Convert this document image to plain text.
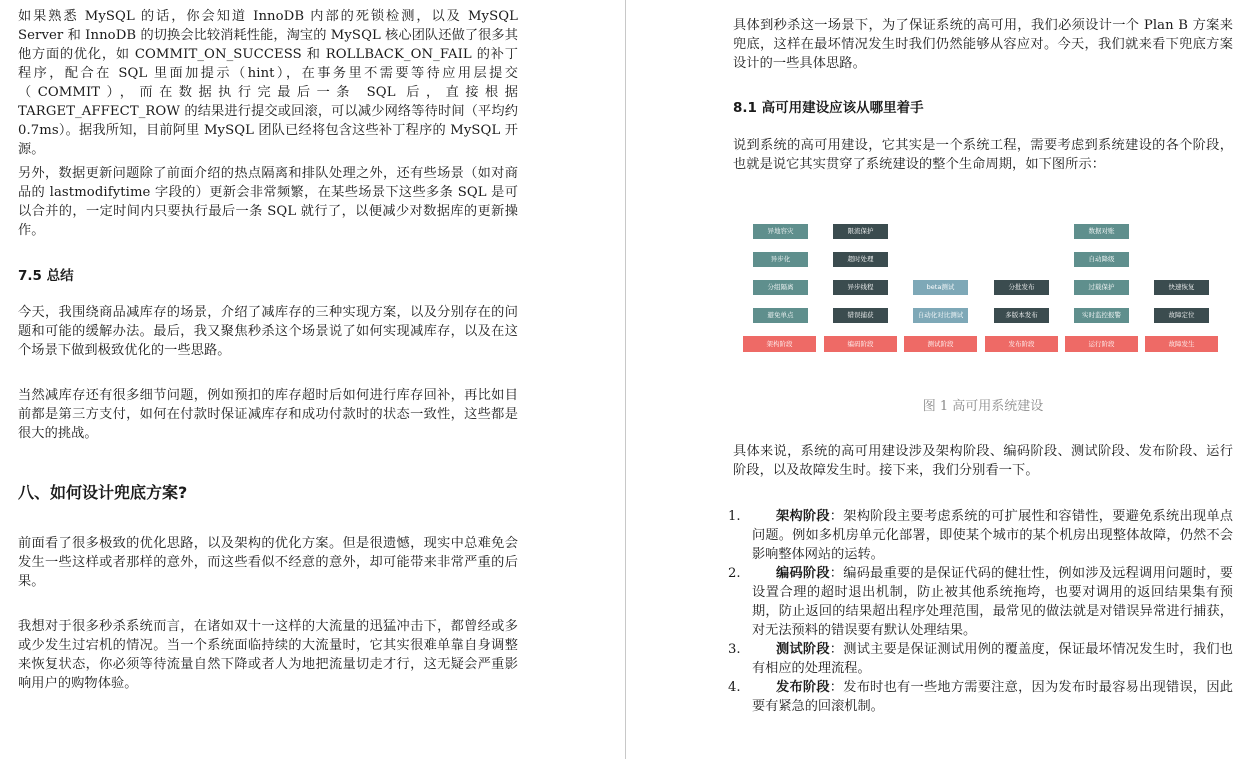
如果熟悉 MySQL 的话，你会知道 InnoDB 内部的死锁检测，以及 MySQL Server 和 InnoDB 的切换会比较消耗性能，淘宝的 MySQL 核心团队还做了很多其他方面的优化，如 COMMIT_ON_SUCCESS 和 ROLLBACK_ON_FAIL 的补丁程序，配合在 SQL 里面加提示（hint），在事务里不需要等待应用层提交（COMMIT），而在数据执行完最后一条 SQL 后，直接根据 TARGET_AFFECT_ROW 的结果进行提交或回滚，可以减少网络等待时间（平均约 0.7ms）。据我所知，目前阿里 MySQL 团队已经将包含这些补丁程序的 MySQL 开源。

另外，数据更新问题除了前面介绍的热点隔离和排队处理之外，还有些场景（如对商品的 lastmodifytime 字段的）更新会非常频繁，在某些场景下这些多条 SQL 是可以合并的，一定时间内只要执行最后一条 SQL 就行了，以便减少对数据库的更新操作。

7.5 总结

今天，我围绕商品减库存的场景，介绍了减库存的三种实现方案，以及分别存在的问题和可能的缓解办法。最后，我又聚焦秒杀这个场景说了如何实现减库存，以及在这个场景下做到极致优化的一些思路。

当然减库存还有很多细节问题，例如预扣的库存超时后如何进行库存回补，再比如目前都是第三方支付，如何在付款时保证减库存和成功付款时的状态一致性，这些都是很大的挑战。

八、如何设计兜底方案?

前面看了很多极致的优化思路，以及架构的优化方案。但是很遗憾，现实中总难免会发生一些这样或者那样的意外，而这些看似不经意的意外，却可能带来非常严重的后果。

我想对于很多秒杀系统而言，在诸如双十一这样的大流量的迅猛冲击下，都曾经或多或少发生过宕机的情况。当一个系统面临持续的大流量时，它其实很难单靠自身调整来恢复状态，你必须等待流量自然下降或者人为地把流量切走才行，这无疑会严重影响用户的购物体验。

具体到秒杀这一场景下，为了保证系统的高可用，我们必须设计一个 Plan B 方案来兜底，这样在最坏情况发生时我们仍然能够从容应对。今天，我们就来看下兜底方案设计的一些具体思路。

8.1 高可用建设应该从哪里着手

说到系统的高可用建设，它其实是一个系统工程，需要考虑到系统建设的各个阶段，也就是说它其实贯穿了系统建设的整个生命周期，如下图所示：

异地容灾
异步化
分组隔离
避免单点
限流保护
超时处理
异步线程
错误捕获
beta测试
自动化对比测试
分批发布
多版本发布
数据对账
自动降级
过载保护
实时监控报警
快速恢复
故障定位
架构阶段	编码阶段	测试阶段	发布阶段	运行阶段	故障发生
图 1 高可用系统建设

具体来说，系统的高可用建设涉及架构阶段、编码阶段、测试阶段、发布阶段、运行阶段，以及故障发生时。接下来，我们分别看一下。

1.	架构阶段：架构阶段主要考虑系统的可扩展性和容错性，要避免系统出现单点问题。例如多机房单元化部署，即使某个城市的某个机房出现整体故障，仍然不会影响整体网站的运转。
2.	编码阶段：编码最重要的是保证代码的健壮性，例如涉及远程调用问题时，要设置合理的超时退出机制，防止被其他系统拖垮，也要对调用的返回结果集有预期，防止返回的结果超出程序处理范围，最常见的做法就是对错误异常进行捕获，对无法预料的错误要有默认处理结果。
3.	测试阶段：测试主要是保证测试用例的覆盖度，保证最坏情况发生时，我们也有相应的处理流程。
4.	发布阶段：发布时也有一些地方需要注意，因为发布时最容易出现错误，因此要有紧急的回滚机制。
